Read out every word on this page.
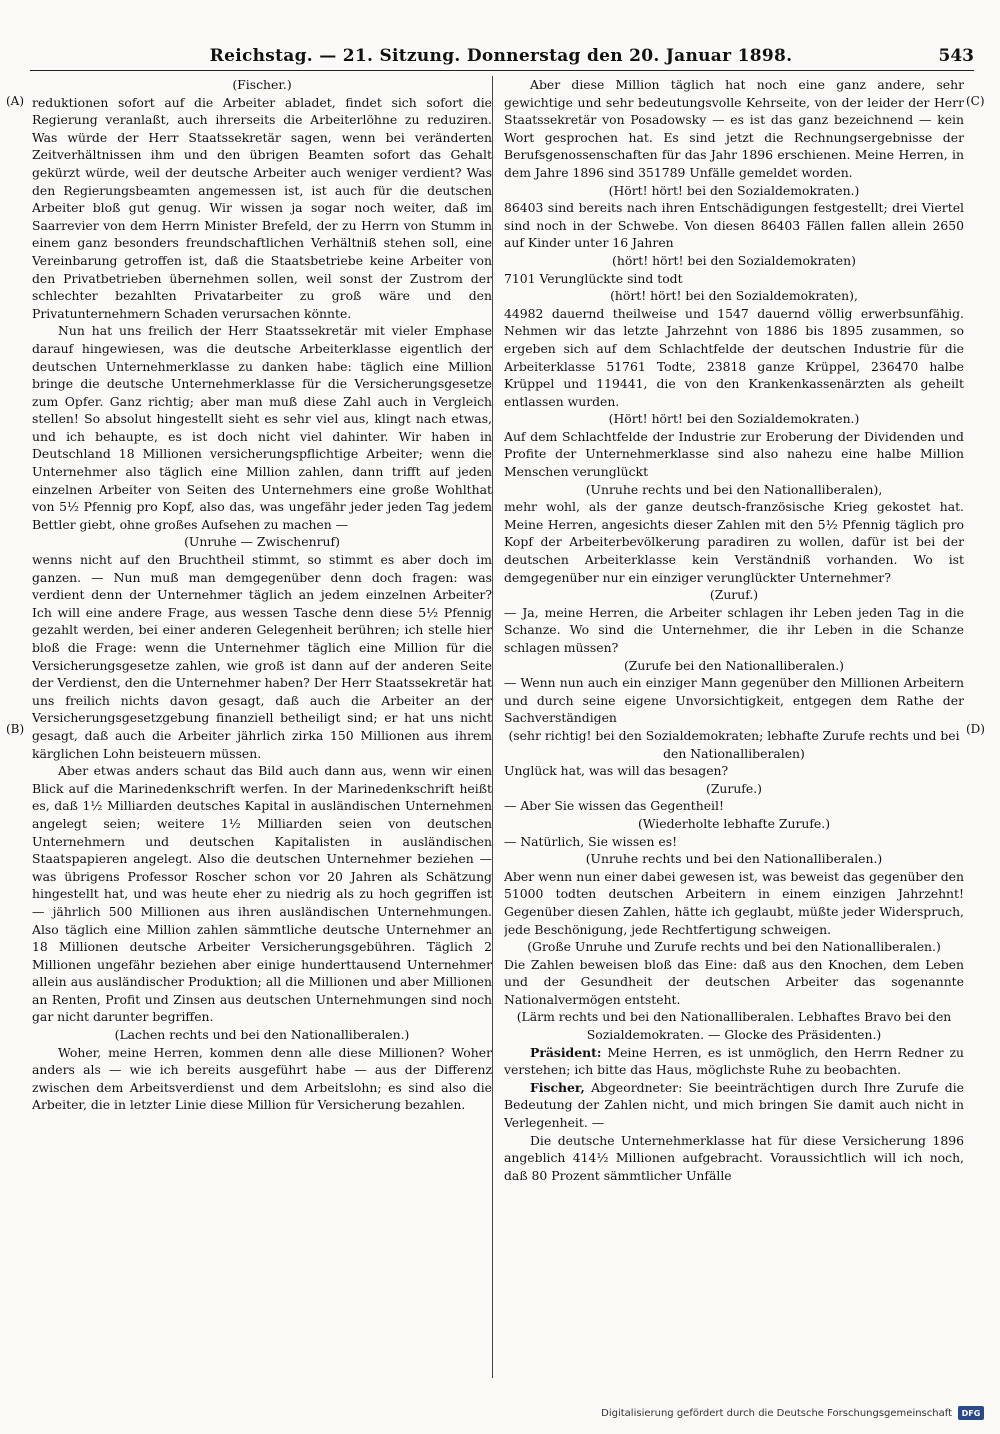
Reichstag. — 21. Sitzung. Donnerstag den 20. Januar 1898.	543
(A)
(B)
(C)
(D)

(Fischer.)

reduktionen sofort auf die Arbeiter abladet, findet sich sofort die Regierung veranlaßt, auch ihrerseits die Arbeiterlöhne zu reduziren. Was würde der Herr Staatssekretär sagen, wenn bei veränderten Zeitverhältnissen ihm und den übrigen Beamten sofort das Gehalt gekürzt würde, weil der deutsche Arbeiter auch weniger verdient? Was den Regierungsbeamten angemessen ist, ist auch für die deutschen Arbeiter bloß gut genug. Wir wissen ja sogar noch weiter, daß im Saarrevier von dem Herrn Minister Brefeld, der zu Herrn von Stumm in einem ganz besonders freundschaftlichen Verhältniß stehen soll, eine Vereinbarung getroffen ist, daß die Staatsbetriebe keine Arbeiter von den Privatbetrieben übernehmen sollen, weil sonst der Zustrom der schlechter bezahlten Privatarbeiter zu groß wäre und den Privatunternehmern Schaden verursachen könnte.

Nun hat uns freilich der Herr Staatssekretär mit vieler Emphase darauf hingewiesen, was die deutsche Arbeiterklasse eigentlich der deutschen Unternehmerklasse zu danken habe: täglich eine Million bringe die deutsche Unternehmerklasse für die Versicherungsgesetze zum Opfer. Ganz richtig; aber man muß diese Zahl auch in Vergleich stellen! So absolut hingestellt sieht es sehr viel aus, klingt nach etwas, und ich behaupte, es ist doch nicht viel dahinter. Wir haben in Deutschland 18 Millionen versicherungspflichtige Arbeiter; wenn die Unternehmer also täglich eine Million zahlen, dann trifft auf jeden einzelnen Arbeiter von Seiten des Unternehmers eine große Wohlthat von 5½ Pfennig pro Kopf, also das, was ungefähr jeder jeden Tag jedem Bettler giebt, ohne großes Aufsehen zu machen —

(Unruhe — Zwischenruf)

wenns nicht auf den Bruchtheil stimmt, so stimmt es aber doch im ganzen. — Nun muß man demgegenüber denn doch fragen: was verdient denn der Unternehmer täglich an jedem einzelnen Arbeiter? Ich will eine andere Frage, aus wessen Tasche denn diese 5½ Pfennig gezahlt werden, bei einer anderen Gelegenheit berühren; ich stelle hier bloß die Frage: wenn die Unternehmer täglich eine Million für die Versicherungsgesetze zahlen, wie groß ist dann auf der anderen Seite der Verdienst, den die Unternehmer haben? Der Herr Staatssekretär hat uns freilich nichts davon gesagt, daß auch die Arbeiter an der Versicherungsgesetzgebung finanziell betheiligt sind; er hat uns nicht gesagt, daß auch die Arbeiter jährlich zirka 150 Millionen aus ihrem kärglichen Lohn beisteuern müssen.

Aber etwas anders schaut das Bild auch dann aus, wenn wir einen Blick auf die Marinedenkschrift werfen. In der Marinedenkschrift heißt es, daß 1½ Milliarden deutsches Kapital in ausländischen Unternehmen angelegt seien; weitere 1½ Milliarden seien von deutschen Unternehmern und deutschen Kapitalisten in ausländischen Staatspapieren angelegt. Also die deutschen Unternehmer beziehen — was übrigens Professor Roscher schon vor 20 Jahren als Schätzung hingestellt hat, und was heute eher zu niedrig als zu hoch gegriffen ist — jährlich 500 Millionen aus ihren ausländischen Unternehmungen. Also täglich eine Million zahlen sämmtliche deutsche Unternehmer an 18 Millionen deutsche Arbeiter Versicherungsgebühren. Täglich 2 Millionen ungefähr beziehen aber einige hunderttausend Unternehmer allein aus ausländischer Produktion; all die Millionen und aber Millionen an Renten, Profit und Zinsen aus deutschen Unternehmungen sind noch gar nicht darunter begriffen.

(Lachen rechts und bei den Nationalliberalen.)

Woher, meine Herren, kommen denn alle diese Millionen? Woher anders als — wie ich bereits ausgeführt habe — aus der Differenz zwischen dem Arbeitsverdienst und dem Arbeitslohn; es sind also die Arbeiter, die in letzter Linie diese Million für Versicherung bezahlen.

Aber diese Million täglich hat noch eine ganz andere, sehr gewichtige und sehr bedeutungsvolle Kehrseite, von der leider der Herr Staatssekretär von Posadowsky — es ist das ganz bezeichnend — kein Wort gesprochen hat. Es sind jetzt die Rechnungsergebnisse der Berufsgenossenschaften für das Jahr 1896 erschienen. Meine Herren, in dem Jahre 1896 sind 351789 Unfälle gemeldet worden.

(Hört! hört! bei den Sozialdemokraten.)

86403 sind bereits nach ihren Entschädigungen festgestellt; drei Viertel sind noch in der Schwebe. Von diesen 86403 Fällen fallen allein 2650 auf Kinder unter 16 Jahren

(hört! hört! bei den Sozialdemokraten)

7101 Verunglückte sind todt

(hört! hört! bei den Sozialdemokraten),

44982 dauernd theilweise und 1547 dauernd völlig erwerbsunfähig. Nehmen wir das letzte Jahrzehnt von 1886 bis 1895 zusammen, so ergeben sich auf dem Schlachtfelde der deutschen Industrie für die Arbeiterklasse 51761 Todte, 23818 ganze Krüppel, 236470 halbe Krüppel und 119441, die von den Krankenkassenärzten als geheilt entlassen wurden.

(Hört! hört! bei den Sozialdemokraten.)

Auf dem Schlachtfelde der Industrie zur Eroberung der Dividenden und Profite der Unternehmerklasse sind also nahezu eine halbe Million Menschen verunglückt

(Unruhe rechts und bei den Nationalliberalen),

mehr wohl, als der ganze deutsch-französische Krieg gekostet hat. Meine Herren, angesichts dieser Zahlen mit den 5½ Pfennig täglich pro Kopf der Arbeiterbevölkerung paradiren zu wollen, dafür ist bei der deutschen Arbeiterklasse kein Verständniß vorhanden. Wo ist demgegenüber nur ein einziger verunglückter Unternehmer?

(Zuruf.)

— Ja, meine Herren, die Arbeiter schlagen ihr Leben jeden Tag in die Schanze. Wo sind die Unternehmer, die ihr Leben in die Schanze schlagen müssen?

(Zurufe bei den Nationalliberalen.)

— Wenn nun auch ein einziger Mann gegenüber den Millionen Arbeitern und durch seine eigene Unvorsichtigkeit, entgegen dem Rathe der Sachverständigen

(sehr richtig! bei den Sozialdemokraten; lebhafte Zurufe rechts und bei den Nationalliberalen)

Unglück hat, was will das besagen?

(Zurufe.)

— Aber Sie wissen das Gegentheil!

(Wiederholte lebhafte Zurufe.)

— Natürlich, Sie wissen es!

(Unruhe rechts und bei den Nationalliberalen.)

Aber wenn nun einer dabei gewesen ist, was beweist das gegenüber den 51000 todten deutschen Arbeitern in einem einzigen Jahrzehnt! Gegenüber diesen Zahlen, hätte ich geglaubt, müßte jeder Widerspruch, jede Beschönigung, jede Rechtfertigung schweigen.

(Große Unruhe und Zurufe rechts und bei den Nationalliberalen.)

Die Zahlen beweisen bloß das Eine: daß aus den Knochen, dem Leben und der Gesundheit der deutschen Arbeiter das sogenannte Nationalvermögen entsteht.

(Lärm rechts und bei den Nationalliberalen. Lebhaftes Bravo bei den Sozialdemokraten. — Glocke des Präsidenten.)

Präsident: Meine Herren, es ist unmöglich, den Herrn Redner zu verstehen; ich bitte das Haus, möglichste Ruhe zu beobachten.

Fischer, Abgeordneter: Sie beeinträchtigen durch Ihre Zurufe die Bedeutung der Zahlen nicht, und mich bringen Sie damit auch nicht in Verlegenheit. —

Die deutsche Unternehmerklasse hat für diese Versicherung 1896 angeblich 414½ Millionen aufgebracht. Voraussichtlich will ich noch, daß 80 Prozent sämmtlicher Unfälle

Digitalisierung gefördert durch die Deutsche Forschungsgemeinschaft	DFG
